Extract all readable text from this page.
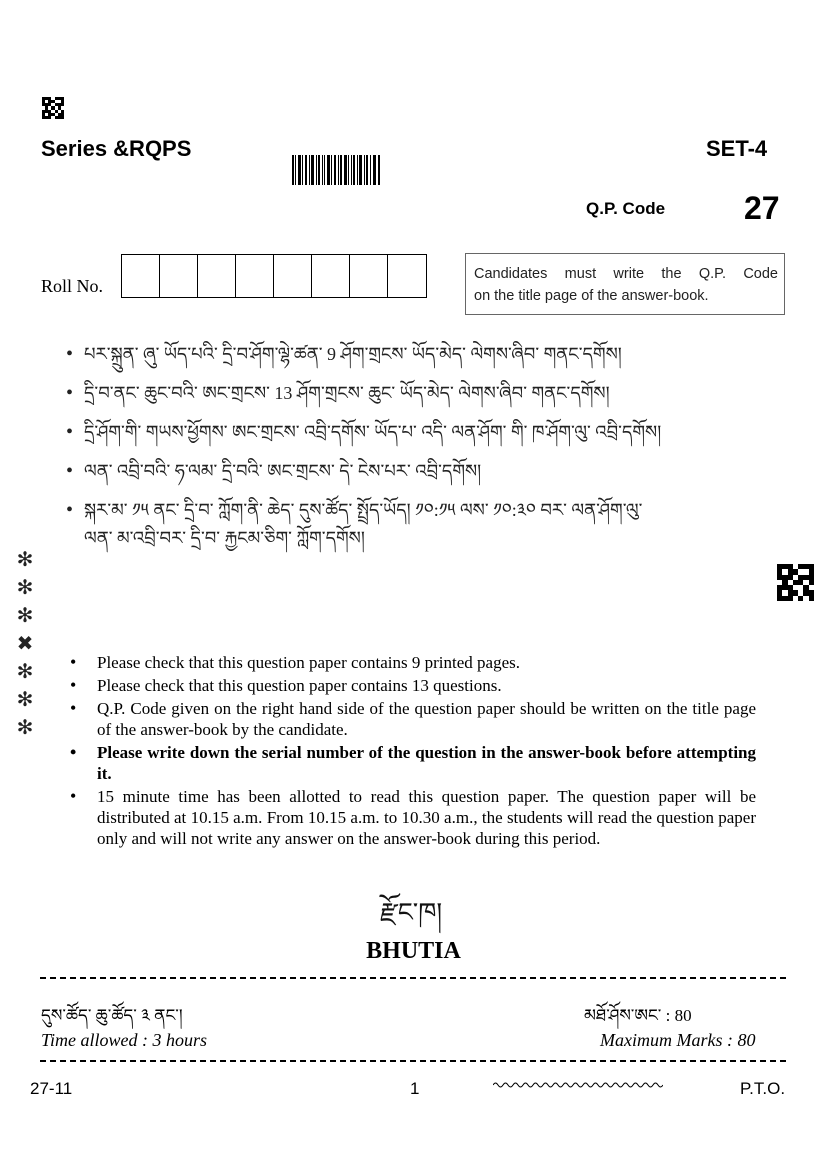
Series &RQPS	SET-4
Q.P. Code 27
Roll No.
Candidates must write the Q.P. Code
on the title page of the answer-book.
• པར་སྐྲུན་ ཞུ་ ཡོད་པའི་ དྲི་བ་ཤོག་ལྷེ་ཚན་ 9 ཤོག་གྲངས་ ཡོད་མེད་ ལེགས་ཞིབ་ གནང་དགོས།
• དྲི་བ་ནང་ ཆུང་བའི་ ཨང་གྲངས་ 13 ཤོག་གྲངས་ ཆུང་ ཡོད་མེད་ ལེགས་ཞིབ་ གནང་དགོས།
• དྲི་ཤོག་གི་ གཡས་ཕྱོགས་ ཨང་གྲངས་ འབྲི་དགོས་ ཡོད་པ་ འདི་ ལན་ཤོག་ གི་ ཁ་ཤོག་ལུ་ འབྲི་དགོས།
• ལན་ འབྲི་བའི་ ཧ་ལམ་ དྲི་བའི་ ཨང་གྲངས་ དེ་ ངེས་པར་ འབྲི་དགོས།
• སྐར་མ་ ༡༥ ནང་ དྲི་བ་ ཀློག་ནི་ ཆེད་ དུས་ཚོད་ སྤྲོད་ཡོད། ༡༠:༡༥ ལས་ ༡༠:༣༠ བར་ ལན་ཤོག་ལུ་ ལན་ མ་འབྲི་བར་ དྲི་བ་ རྐྱངམ་ཅིག་ ཀློག་དགོས།
✻
✻
✻
✖
✻
✻
✻
• Please check that this question paper contains 9 printed pages.
• Please check that this question paper contains 13 questions.
• Q.P. Code given on the right hand side of the question paper should be written on the title page of the answer-book by the candidate.
• Please write down the serial number of the question in the answer-book before attempting it.
• 15 minute time has been allotted to read this question paper. The question paper will be distributed at 10.15 a.m. From 10.15 a.m. to 10.30 a.m., the students will read the question paper only and will not write any answer on the answer-book during this period.
རྫོང་ཁ།
BHUTIA
དུས་ཚོད་ ཆུ་ཚོད་ ༣ ནང་།	མཐོ་ཤོས་ཨང་ : 80
Time allowed : 3 hours	Maximum Marks : 80
27-11	1	P.T.O.
